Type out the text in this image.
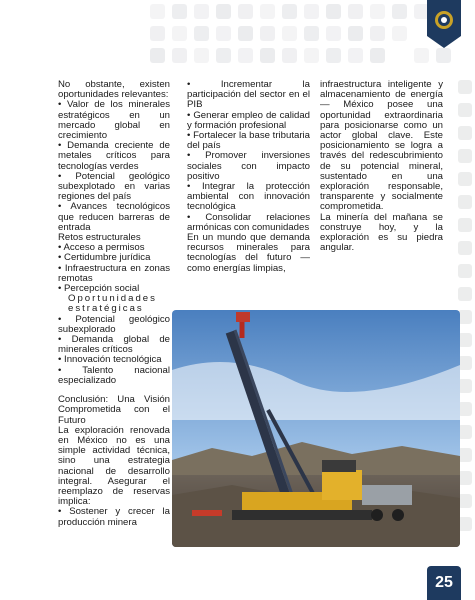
No obstante, existen oportunidades relevantes:

• Valor de los minerales estratégicos en un mercado global en crecimiento

• Demanda creciente de metales críticos para tecnologías verdes

• Potencial geológico subexplotado en varias regiones del país

• Avances tecnológicos que reducen barreras de entrada

Retos estructurales

• Acceso a permisos

• Certidumbre jurídica

• Infraestructura en zonas remotas

• Percepción social

Oportunidades estratégicas

• Potencial geológico subexplorado

• Demanda global de minerales críticos

• Innovación tecnológica

• Talento nacional especializado

Conclusión: Una Visión Comprometida con el Futuro

La exploración renovada en México no es una simple actividad técnica, sino una estrategia nacional de desarrollo integral. Asegurar el reemplazo de reservas implica:

• Sostener y crecer la producción minera

• Incrementar la participación del sector en el PIB

• Generar empleo de calidad y formación profesional

• Fortalecer la base tributaria del país

• Promover inversiones sociales con impacto positivo

• Integrar la protección ambiental con innovación tecnológica

• Consolidar relaciones armónicas con comunidades

En un mundo que demanda recursos minerales para tecnologías del futuro — como energías limpias,

infraestructura inteligente y almacenamiento de energía— México posee una oportunidad extraordinaria para posicionarse como un actor global clave. Este posicionamiento se logra a través del redescubrimiento de su potencial mineral, sustentado en una exploración responsable, transparente y socialmente comprometida.

La minería del mañana se construye hoy, y la exploración es su piedra angular.

25
